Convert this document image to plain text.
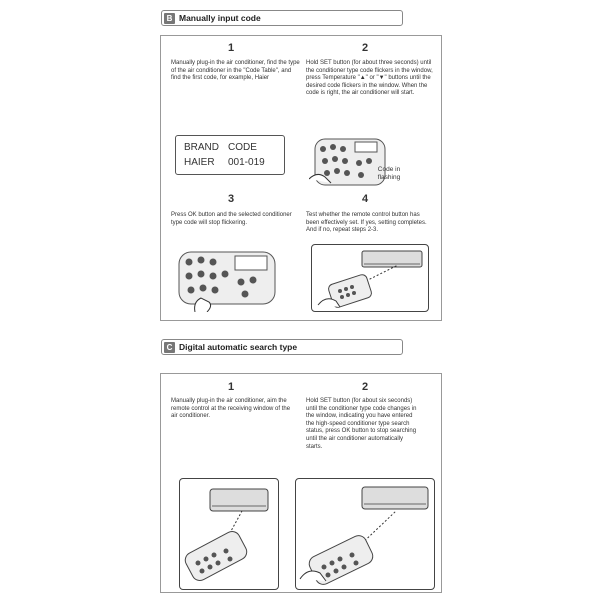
B Manually input code
1
Manually plug-in the air conditioner, find the type of the air conditioner in the "Code Table", and find the first code, for example, Haier
2
Hold SET button (for about three seconds) until the conditioner type code flickers in the window, press Temperature "▲" or "▼" buttons until the desired code flickers in the window. When the code is right, the air conditioner will start.
BRAND CODE
HAIER	001-019
Code in flashing
3
Press OK button and the selected conditioner type code will stop flickering.
4
Test whether the remote control button has been effectively set. If yes, setting completes. And if no, repeat steps 2-3.
C Digital automatic search type
1
Manually plug-in the air conditioner, aim the remote control at the receiving window of the air conditioner.
2
Hold SET button (for about six seconds) until the conditioner type code changes in the window, indicating you have entered the high-speed conditioner type search status, press OK button to stop searching until the air conditioner automatically starts.
